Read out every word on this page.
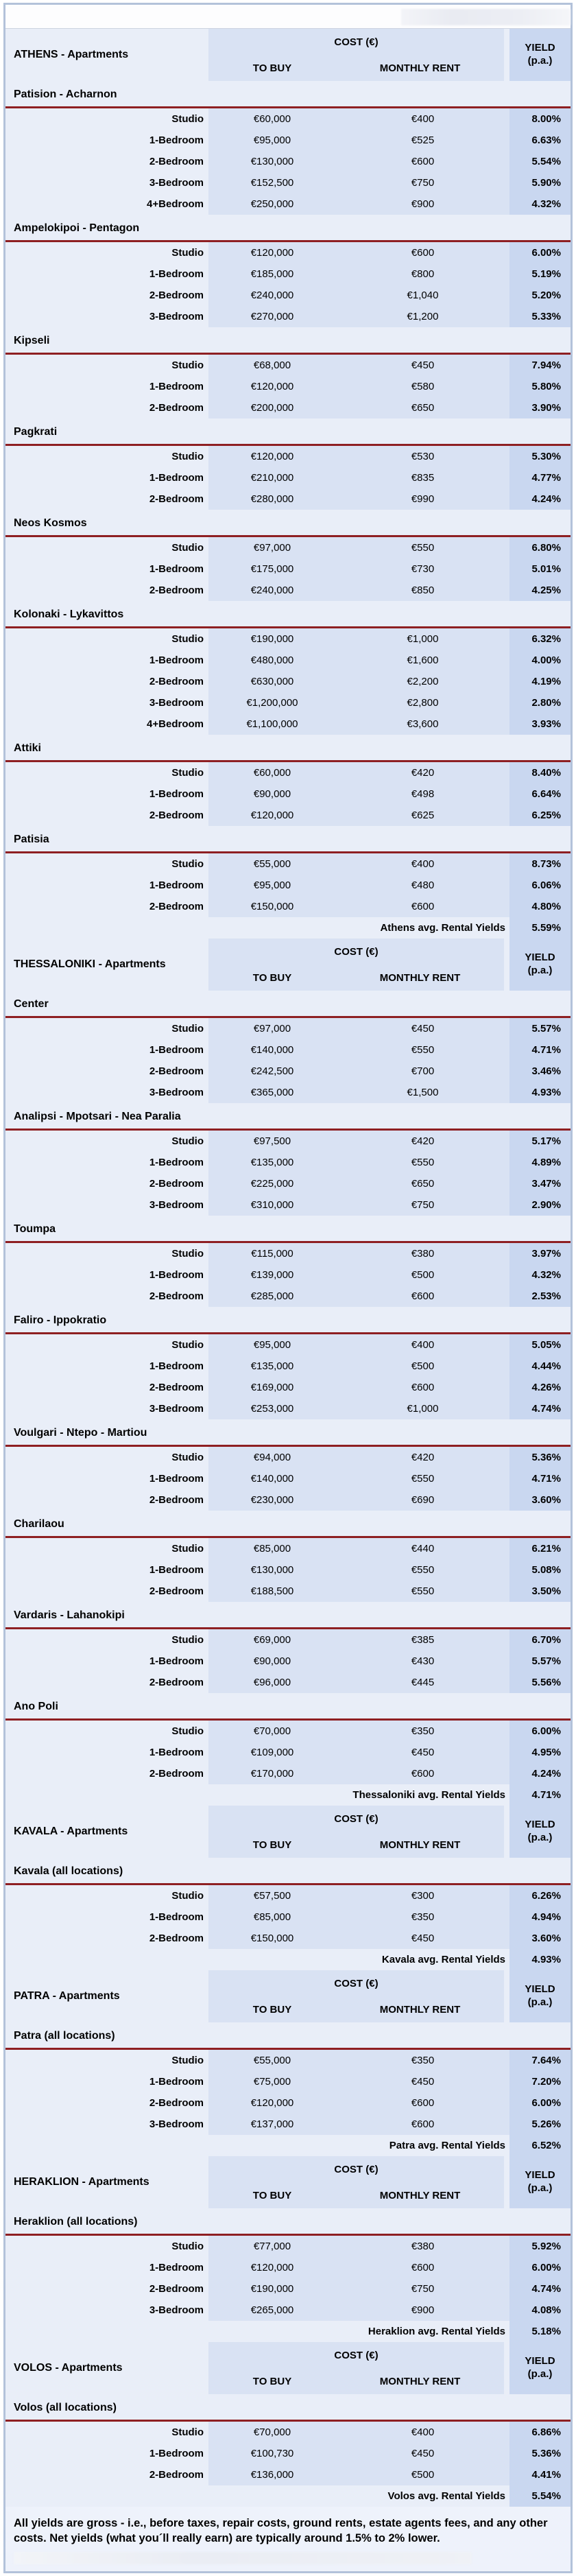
ATHENS - Apartments
COST (€)
TO BUY	MONTHLY RENT
YIELD
(p.a.)
Patision - Acharnon
Studio	€60,000	€400	8.00%
1-Bedroom	€95,000	€525	6.63%
2-Bedroom	€130,000	€600	5.54%
3-Bedroom	€152,500	€750	5.90%
4+Bedroom	€250,000	€900	4.32%
Ampelokipoi - Pentagon
Studio	€120,000	€600	6.00%
1-Bedroom	€185,000	€800	5.19%
2-Bedroom	€240,000	€1,040	5.20%
3-Bedroom	€270,000	€1,200	5.33%
Kipseli
Studio	€68,000	€450	7.94%
1-Bedroom	€120,000	€580	5.80%
2-Bedroom	€200,000	€650	3.90%
Pagkrati
Studio	€120,000	€530	5.30%
1-Bedroom	€210,000	€835	4.77%
2-Bedroom	€280,000	€990	4.24%
Neos Kosmos
Studio	€97,000	€550	6.80%
1-Bedroom	€175,000	€730	5.01%
2-Bedroom	€240,000	€850	4.25%
Kolonaki - Lykavittos
Studio	€190,000	€1,000	6.32%
1-Bedroom	€480,000	€1,600	4.00%
2-Bedroom	€630,000	€2,200	4.19%
3-Bedroom	€1,200,000	€2,800	2.80%
4+Bedroom	€1,100,000	€3,600	3.93%
Attiki
Studio	€60,000	€420	8.40%
1-Bedroom	€90,000	€498	6.64%
2-Bedroom	€120,000	€625	6.25%
Patisia
Studio	€55,000	€400	8.73%
1-Bedroom	€95,000	€480	6.06%
2-Bedroom	€150,000	€600	4.80%
Athens avg. Rental Yields	5.59%
THESSALONIKI - Apartments
COST (€)
TO BUY	MONTHLY RENT
YIELD
(p.a.)
Center
Studio	€97,000	€450	5.57%
1-Bedroom	€140,000	€550	4.71%
2-Bedroom	€242,500	€700	3.46%
3-Bedroom	€365,000	€1,500	4.93%
Analipsi - Mpotsari - Nea Paralia
Studio	€97,500	€420	5.17%
1-Bedroom	€135,000	€550	4.89%
2-Bedroom	€225,000	€650	3.47%
3-Bedroom	€310,000	€750	2.90%
Toumpa
Studio	€115,000	€380	3.97%
1-Bedroom	€139,000	€500	4.32%
2-Bedroom	€285,000	€600	2.53%
Faliro - Ippokratio
Studio	€95,000	€400	5.05%
1-Bedroom	€135,000	€500	4.44%
2-Bedroom	€169,000	€600	4.26%
3-Bedroom	€253,000	€1,000	4.74%
Voulgari - Ntepo - Martiou
Studio	€94,000	€420	5.36%
1-Bedroom	€140,000	€550	4.71%
2-Bedroom	€230,000	€690	3.60%
Charilaou
Studio	€85,000	€440	6.21%
1-Bedroom	€130,000	€550	5.08%
2-Bedroom	€188,500	€550	3.50%
Vardaris - Lahanokipi
Studio	€69,000	€385	6.70%
1-Bedroom	€90,000	€430	5.57%
2-Bedroom	€96,000	€445	5.56%
Ano Poli
Studio	€70,000	€350	6.00%
1-Bedroom	€109,000	€450	4.95%
2-Bedroom	€170,000	€600	4.24%
Thessaloniki avg. Rental Yields	4.71%
KAVALA - Apartments
COST (€)
TO BUY	MONTHLY RENT
YIELD
(p.a.)
Kavala (all locations)
Studio	€57,500	€300	6.26%
1-Bedroom	€85,000	€350	4.94%
2-Bedroom	€150,000	€450	3.60%
Kavala avg. Rental Yields	4.93%
PATRA - Apartments
COST (€)
TO BUY	MONTHLY RENT
YIELD
(p.a.)
Patra (all locations)
Studio	€55,000	€350	7.64%
1-Bedroom	€75,000	€450	7.20%
2-Bedroom	€120,000	€600	6.00%
3-Bedroom	€137,000	€600	5.26%
Patra avg. Rental Yields	6.52%
HERAKLION - Apartments
COST (€)
TO BUY	MONTHLY RENT
YIELD
(p.a.)
Heraklion (all locations)
Studio	€77,000	€380	5.92%
1-Bedroom	€120,000	€600	6.00%
2-Bedroom	€190,000	€750	4.74%
3-Bedroom	€265,000	€900	4.08%
Heraklion avg. Rental Yields	5.18%
VOLOS - Apartments
COST (€)
TO BUY	MONTHLY RENT
YIELD
(p.a.)
Volos (all locations)
Studio	€70,000	€400	6.86%
1-Bedroom	€100,730	€450	5.36%
2-Bedroom	€136,000	€500	4.41%
Volos avg. Rental Yields	5.54%
All yields are gross - i.e., before taxes, repair costs, ground rents, estate agents fees, and any other costs. Net yields (what you´ll really earn) are typically around 1.5% to 2% lower.
